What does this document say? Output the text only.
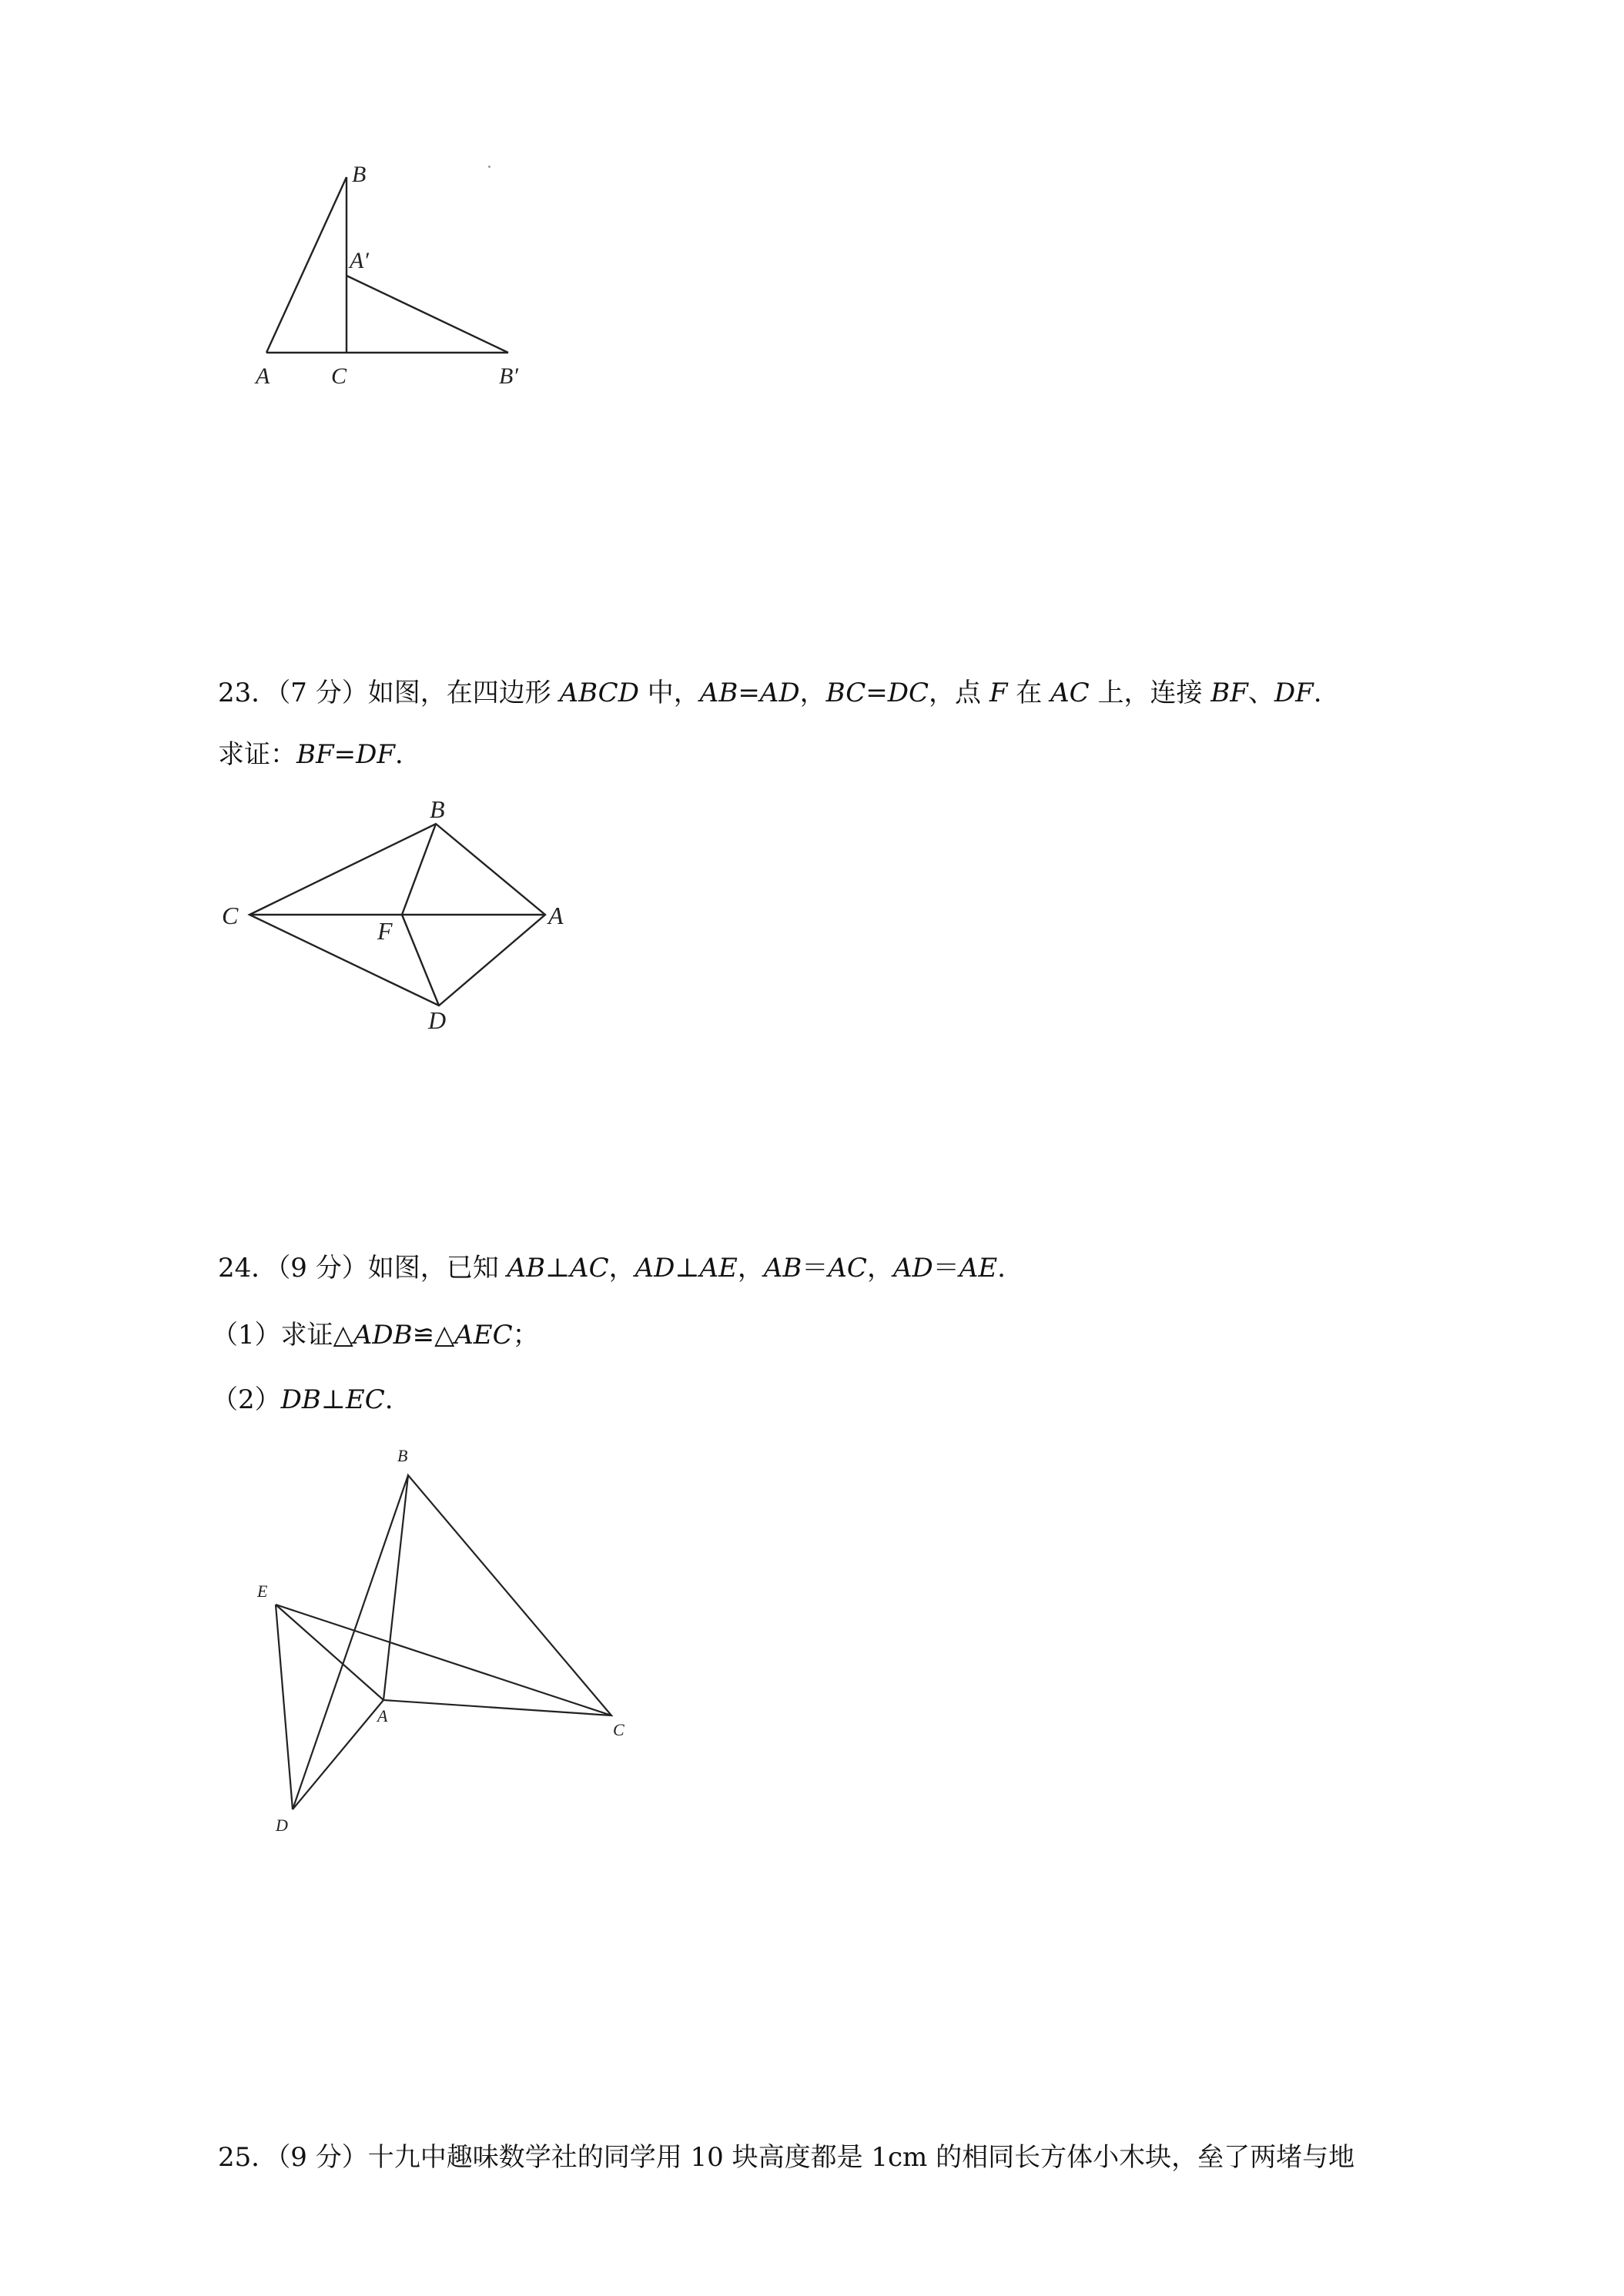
B
A′
A	C	B′
23．（7 分）如图，在四边形 ABCD 中，AB=AD，BC=DC，点 F 在 AC 上，连接 BF、DF.
求证：BF=DF.
B
C
F
A
D
24．（9 分）如图，已知 AB⊥AC，AD⊥AE，AB＝AC，AD＝AE.
（1）求证△ADB≌△AEC；
（2）DB⊥EC.
B
E
A
C
D
25．（9 分）十九中趣味数学社的同学用 10 块高度都是 1cm 的相同长方体小木块，垒了两堵与地
